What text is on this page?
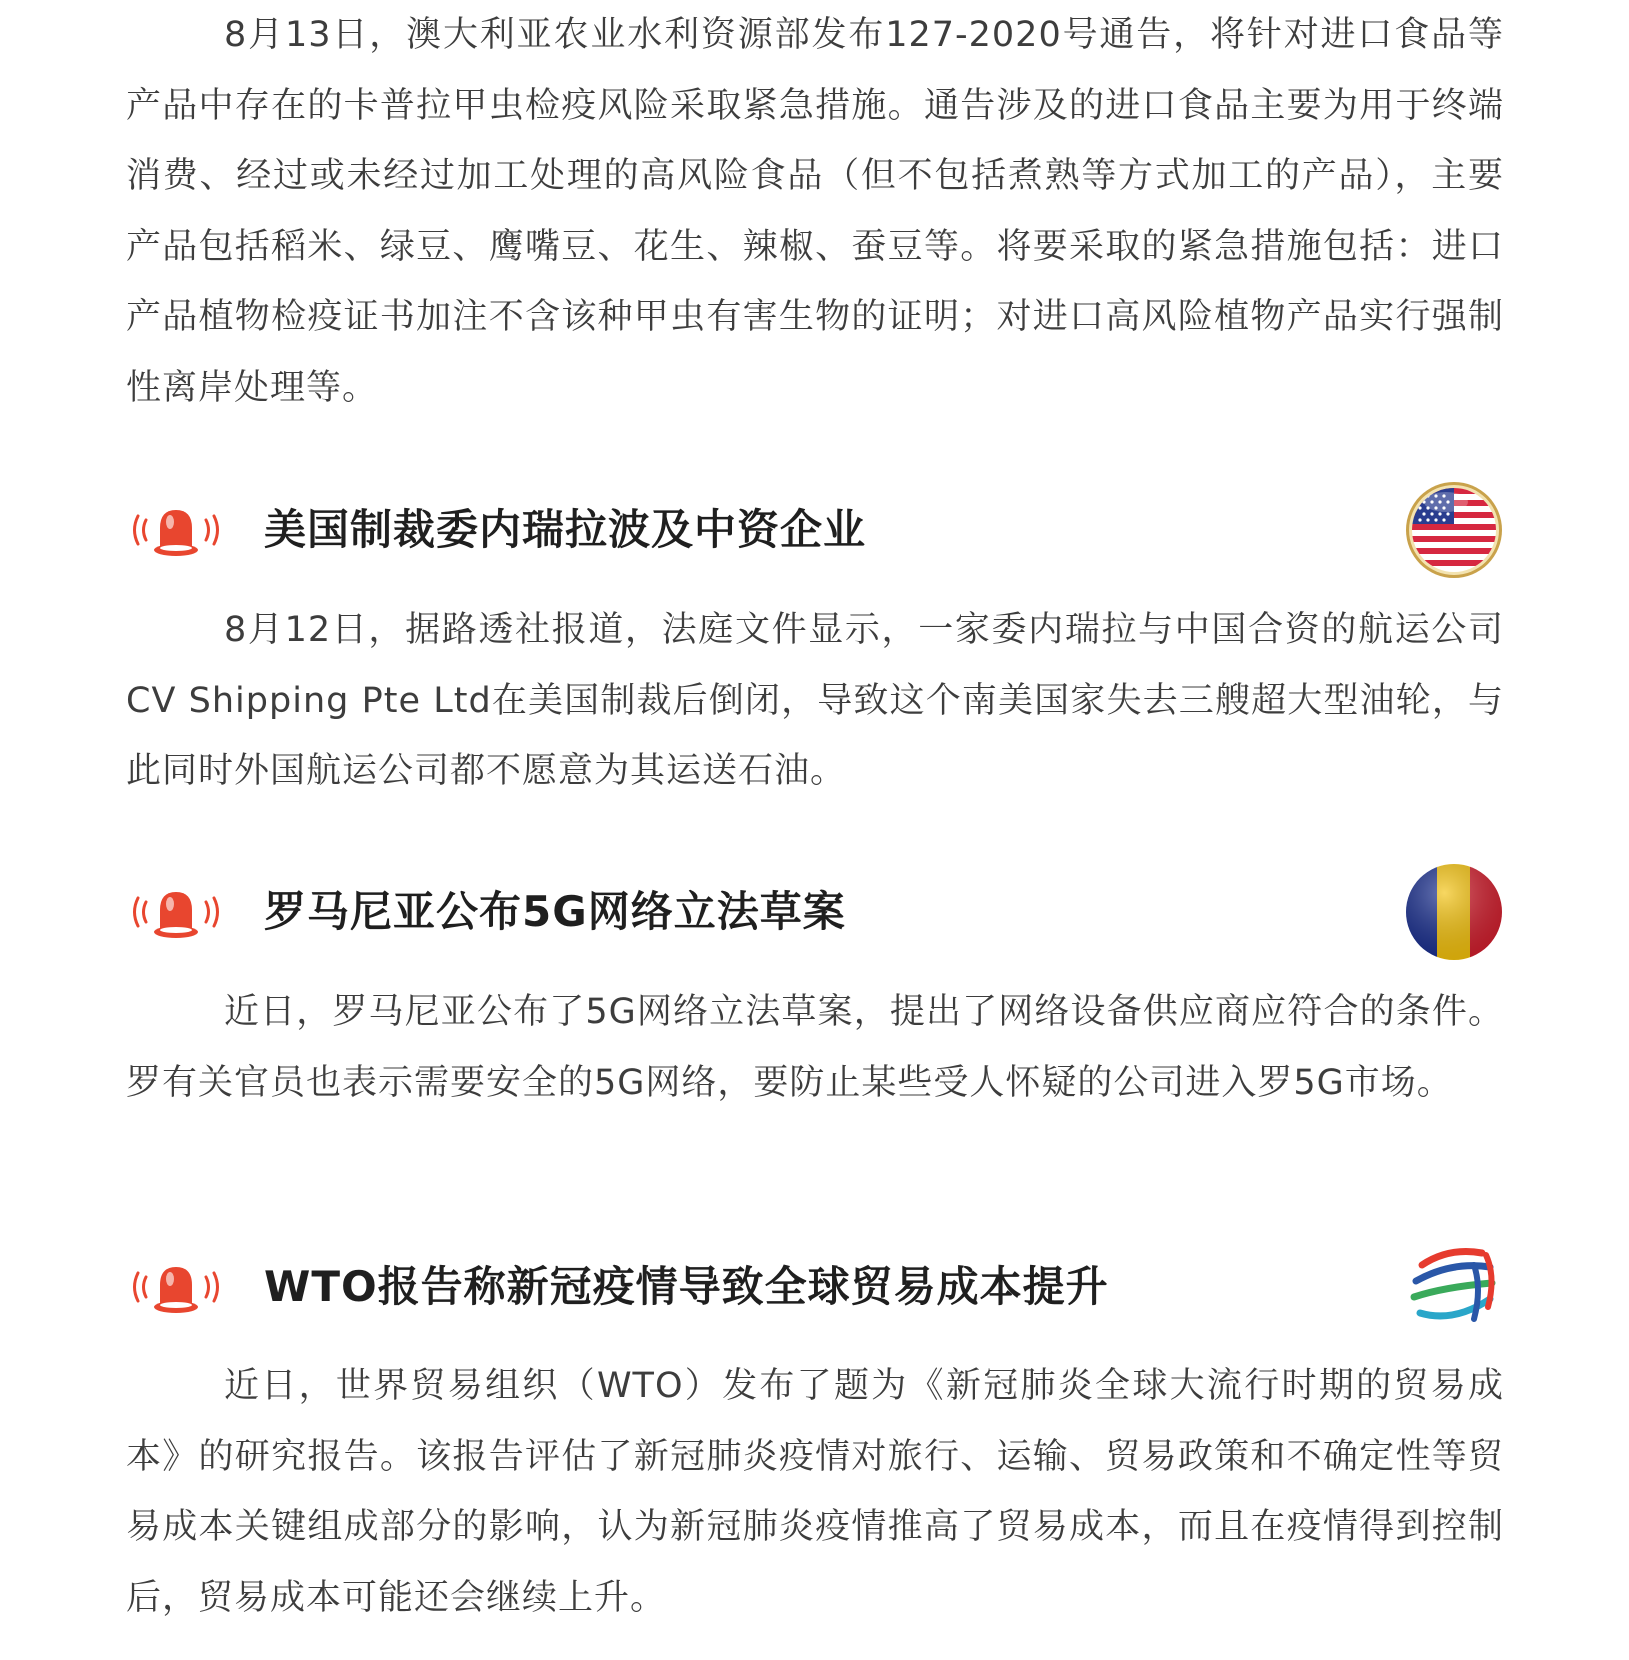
8月13日，澳大利亚农业水利资源部发布127-2020号通告，将针对进口食品等产品中存在的卡普拉甲虫检疫风险采取紧急措施。通告涉及的进口食品主要为用于终端消费、经过或未经过加工处理的高风险食品（但不包括煮熟等方式加工的产品），主要产品包括稻米、绿豆、鹰嘴豆、花生、辣椒、蚕豆等。将要采取的紧急措施包括：进口产品植物检疫证书加注不含该种甲虫有害生物的证明；对进口高风险植物产品实行强制性离岸处理等。

美国制裁委内瑞拉波及中资企业

8月12日，据路透社报道，法庭文件显示，一家委内瑞拉与中国合资的航运公司CV Shipping Pte Ltd在美国制裁后倒闭，导致这个南美国家失去三艘超大型油轮，与此同时外国航运公司都不愿意为其运送石油。

罗马尼亚公布5G网络立法草案

近日，罗马尼亚公布了5G网络立法草案，提出了网络设备供应商应符合的条件。罗有关官员也表示需要安全的5G网络，要防止某些受人怀疑的公司进入罗5G市场。

WTO报告称新冠疫情导致全球贸易成本提升

近日，世界贸易组织（WTO）发布了题为《新冠肺炎全球大流行时期的贸易成本》的研究报告。该报告评估了新冠肺炎疫情对旅行、运输、贸易政策和不确定性等贸易成本关键组成部分的影响，认为新冠肺炎疫情推高了贸易成本，而且在疫情得到控制后，贸易成本可能还会继续上升。
